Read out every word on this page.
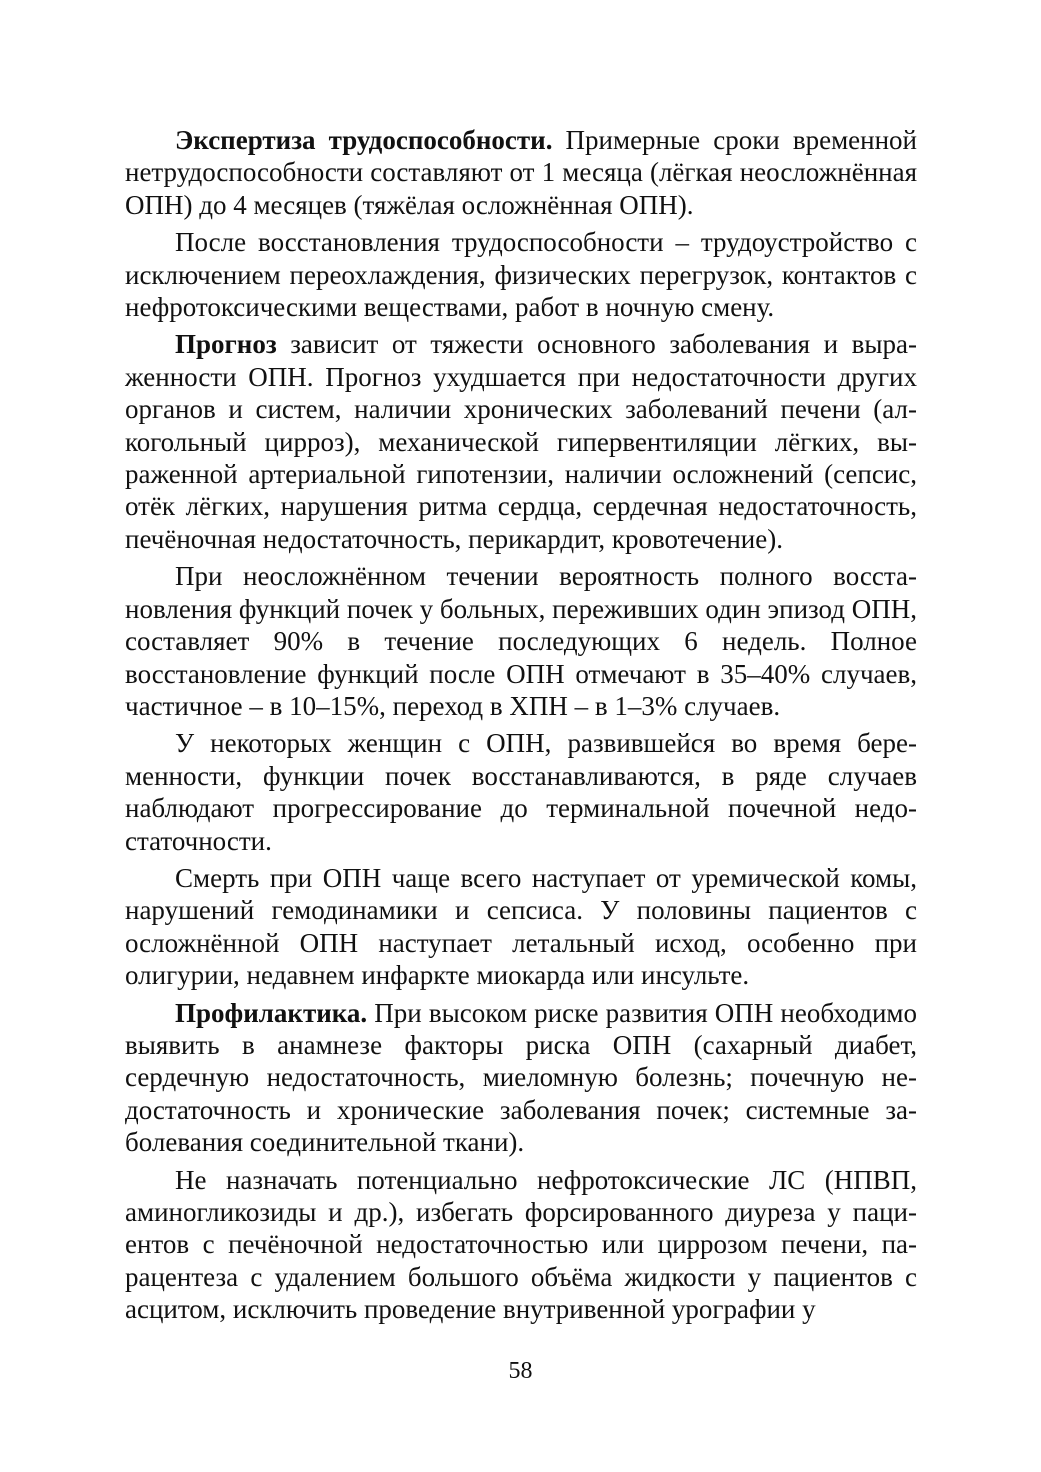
Экспертиза трудоспособности. Примерные сроки временной нетрудоспособности составляют от 1 месяца (лёгкая неосложнённая ОПН) до 4 месяцев (тяжёлая осложнённая ОПН).

После восстановления трудоспособности – трудоустройство с исключением переохлаждения, физических перегрузок, контактов с нефротоксическими веществами, работ в ночную смену.

Прогноз зависит от тяжести основного заболевания и выраженности ОПН. Прогноз ухудшается при недостаточности других органов и систем, наличии хронических заболеваний печени (алкогольный цирроз), механической гипервентиляции лёгких, выраженной артериальной гипотензии, наличии осложнений (сепсис, отёк лёгких, нарушения ритма сердца, сердечная недостаточность, печёночная недостаточность, перикардит, кровотечение).

При неосложнённом течении вероятность полного восстановления функций почек у больных, переживших один эпизод ОПН, составляет 90% в течение последующих 6 недель. Полное восстановление функций после ОПН отмечают в 35–40% случаев, частичное – в 10–15%, переход в ХПН – в 1–3% случаев.

У некоторых женщин с ОПН, развившейся во время беременности, функции почек восстанавливаются, в ряде случаев наблюдают прогрессирование до терминальной почечной недостаточности.

Смерть при ОПН чаще всего наступает от уремической комы, нарушений гемодинамики и сепсиса. У половины пациентов с осложнённой ОПН наступает летальный исход, особенно при олигурии, недавнем инфаркте миокарда или инсульте.

Профилактика. При высоком риске развития ОПН необходимо выявить в анамнезе факторы риска ОПН (сахарный диабет, сердечную недостаточность, миеломную болезнь; почечную недостаточность и хронические заболевания почек; системные заболевания соединительной ткани).

Не назначать потенциально нефротоксические ЛС (НПВП, аминогликозиды и др.), избегать форсированного диуреза у пациентов с печёночной недостаточностью или циррозом печени, парацентеза с удалением большого объёма жидкости у пациентов с асцитом, исключить проведение внутривенной урографии у

58
